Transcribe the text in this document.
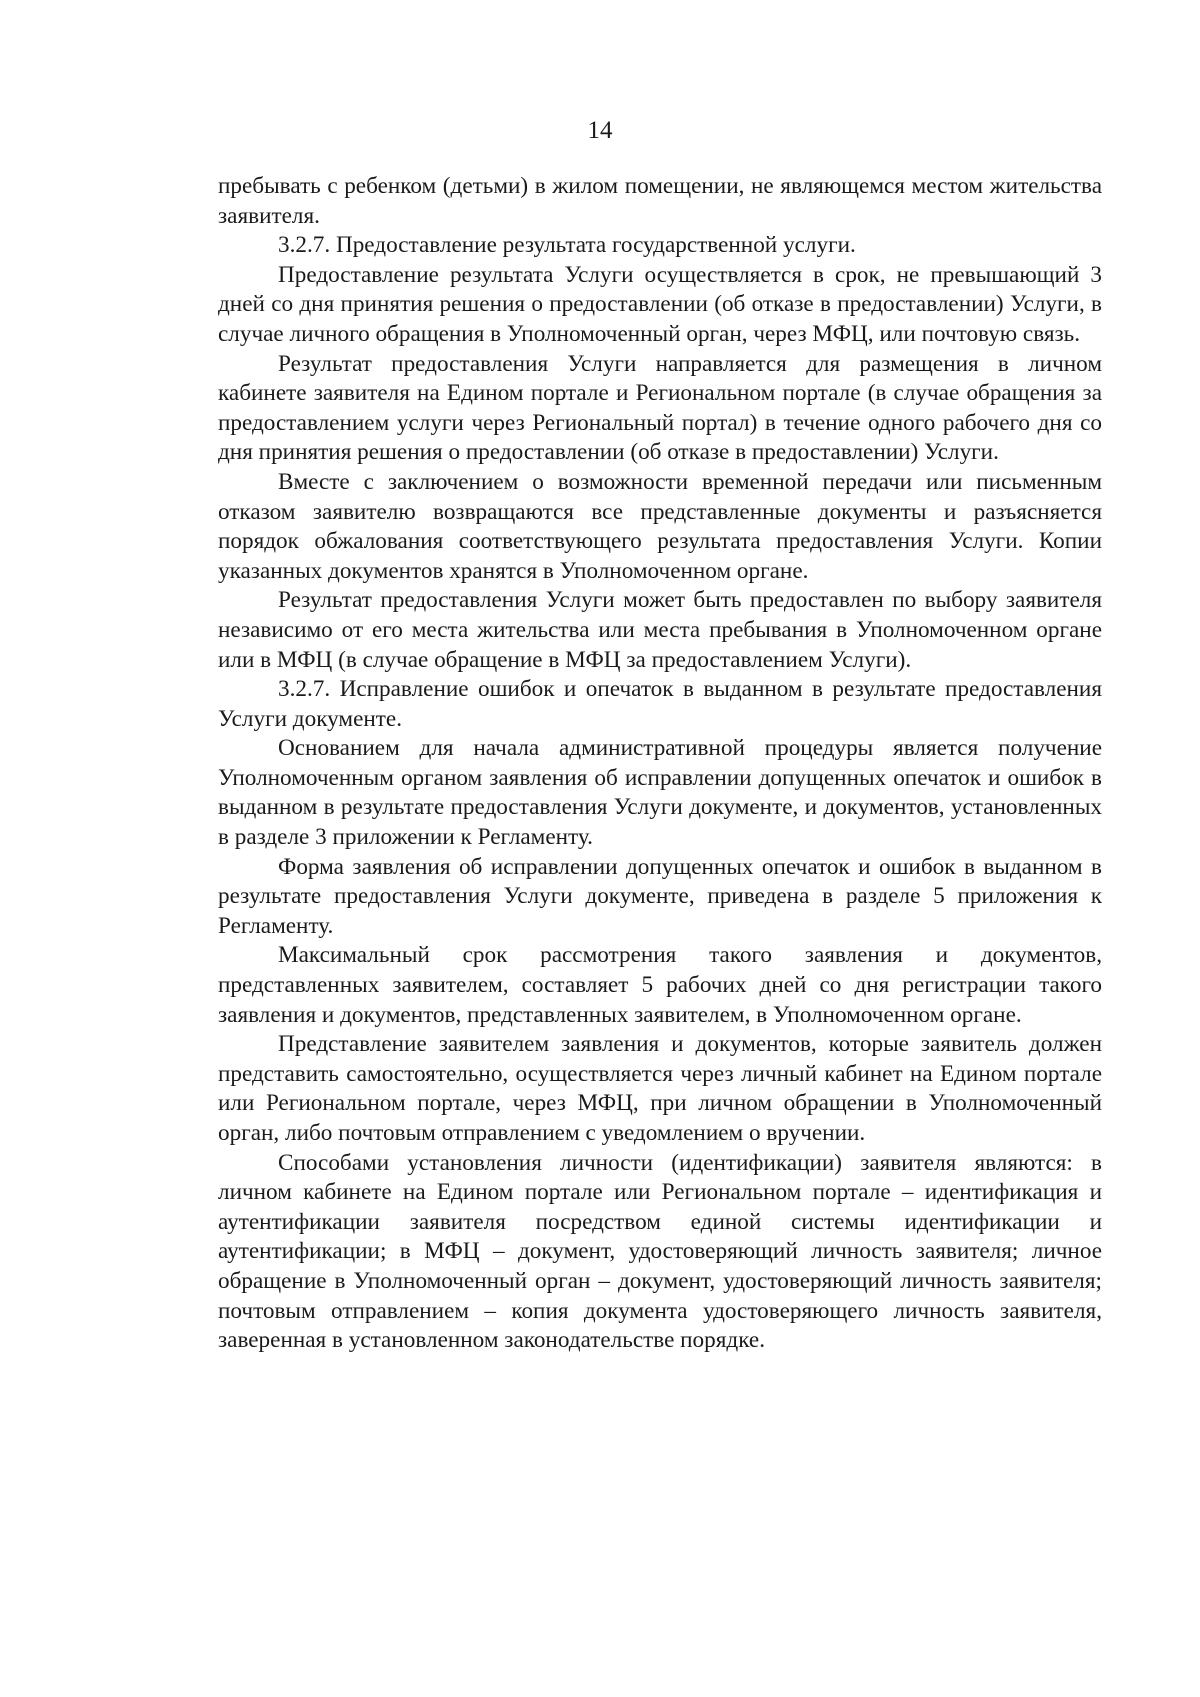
14

пребывать с ребенком (детьми) в жилом помещении, не являющемся местом жительства заявителя.

3.2.7. Предоставление результата государственной услуги.

Предоставление результата Услуги осуществляется в срок, не превышающий 3 дней со дня принятия решения о предоставлении (об отказе в предоставлении) Услуги, в случае личного обращения в Уполномоченный орган, через МФЦ, или почтовую связь.

Результат предоставления Услуги направляется для размещения в личном кабинете заявителя на Едином портале и Региональном портале (в случае обращения за предоставлением услуги через Региональный портал) в течение одного рабочего дня со дня принятия решения о предоставлении (об отказе в предоставлении) Услуги.

Вместе с заключением о возможности временной передачи или письменным отказом заявителю возвращаются все представленные документы и разъясняется порядок обжалования соответствующего результата предоставления Услуги. Копии указанных документов хранятся в Уполномоченном органе.

Результат предоставления Услуги может быть предоставлен по выбору заявителя независимо от его места жительства или места пребывания в Уполномоченном органе или в МФЦ (в случае обращение в МФЦ за предоставлением Услуги).

3.2.7. Исправление ошибок и опечаток в выданном в результате предоставления Услуги документе.

Основанием для начала административной процедуры является получение Уполномоченным органом заявления об исправлении допущенных опечаток и ошибок в выданном в результате предоставления Услуги документе, и документов, установленных в разделе 3 приложении к Регламенту.

Форма заявления об исправлении допущенных опечаток и ошибок в выданном в результате предоставления Услуги документе, приведена в разделе 5 приложения к Регламенту.

Максимальный срок рассмотрения такого заявления и документов, представленных заявителем, составляет 5 рабочих дней со дня регистрации такого заявления и документов, представленных заявителем, в Уполномоченном органе.

Представление заявителем заявления и документов, которые заявитель должен представить самостоятельно, осуществляется через личный кабинет на Едином портале или Региональном портале, через МФЦ, при личном обращении в Уполномоченный орган, либо почтовым отправлением с уведомлением о вручении.

Способами установления личности (идентификации) заявителя являются: в личном кабинете на Едином портале или Региональном портале – идентификация и аутентификации заявителя посредством единой системы идентификации и аутентификации; в МФЦ – документ, удостоверяющий личность заявителя; личное обращение в Уполномоченный орган – документ, удостоверяющий личность заявителя; почтовым отправлением – копия документа удостоверяющего личность заявителя, заверенная в установленном законодательстве порядке.
